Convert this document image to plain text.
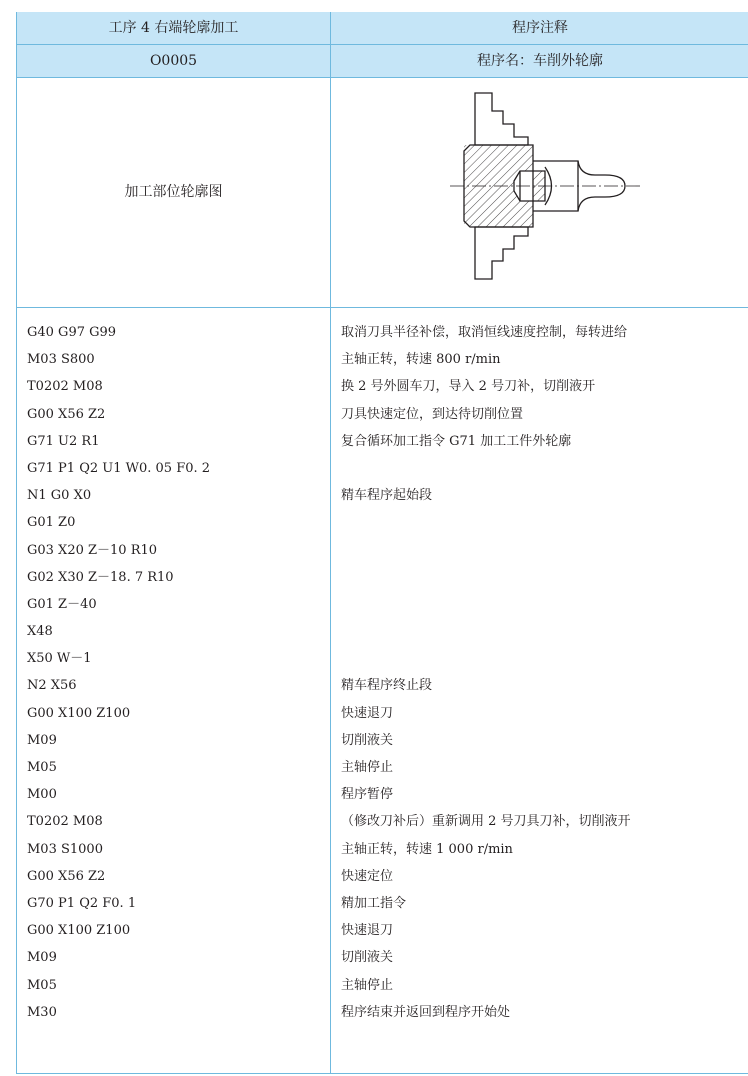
工序 4 右端轮廓加工	程序注释
O0005	程序名：车削外轮廓
加工部位轮廓图
G40 G97 G99	取消刀具半径补偿，取消恒线速度控制，每转进给
M03 S800	主轴正转，转速 800 r/min
T0202 M08	换 2 号外圆车刀，导入 2 号刀补，切削液开
G00 X56 Z2	刀具快速定位，到达待切削位置
G71 U2 R1	复合循环加工指令 G71 加工工件外轮廓
G71 P1 Q2 U1 W0. 05 F0. 2
N1 G0 X0	精车程序起始段
G01 Z0
G03 X20 Z－10 R10
G02 X30 Z－18. 7 R10
G01 Z－40
X48
X50 W－1
N2 X56	精车程序终止段
G00 X100 Z100	快速退刀
M09	切削液关
M05	主轴停止
M00	程序暂停
T0202 M08	（修改刀补后）重新调用 2 号刀具刀补，切削液开
M03 S1000	主轴正转，转速 1 000 r/min
G00 X56 Z2	快速定位
G70 P1 Q2 F0. 1	精加工指令
G00 X100 Z100	快速退刀
M09	切削液关
M05	主轴停止
M30	程序结束并返回到程序开始处
